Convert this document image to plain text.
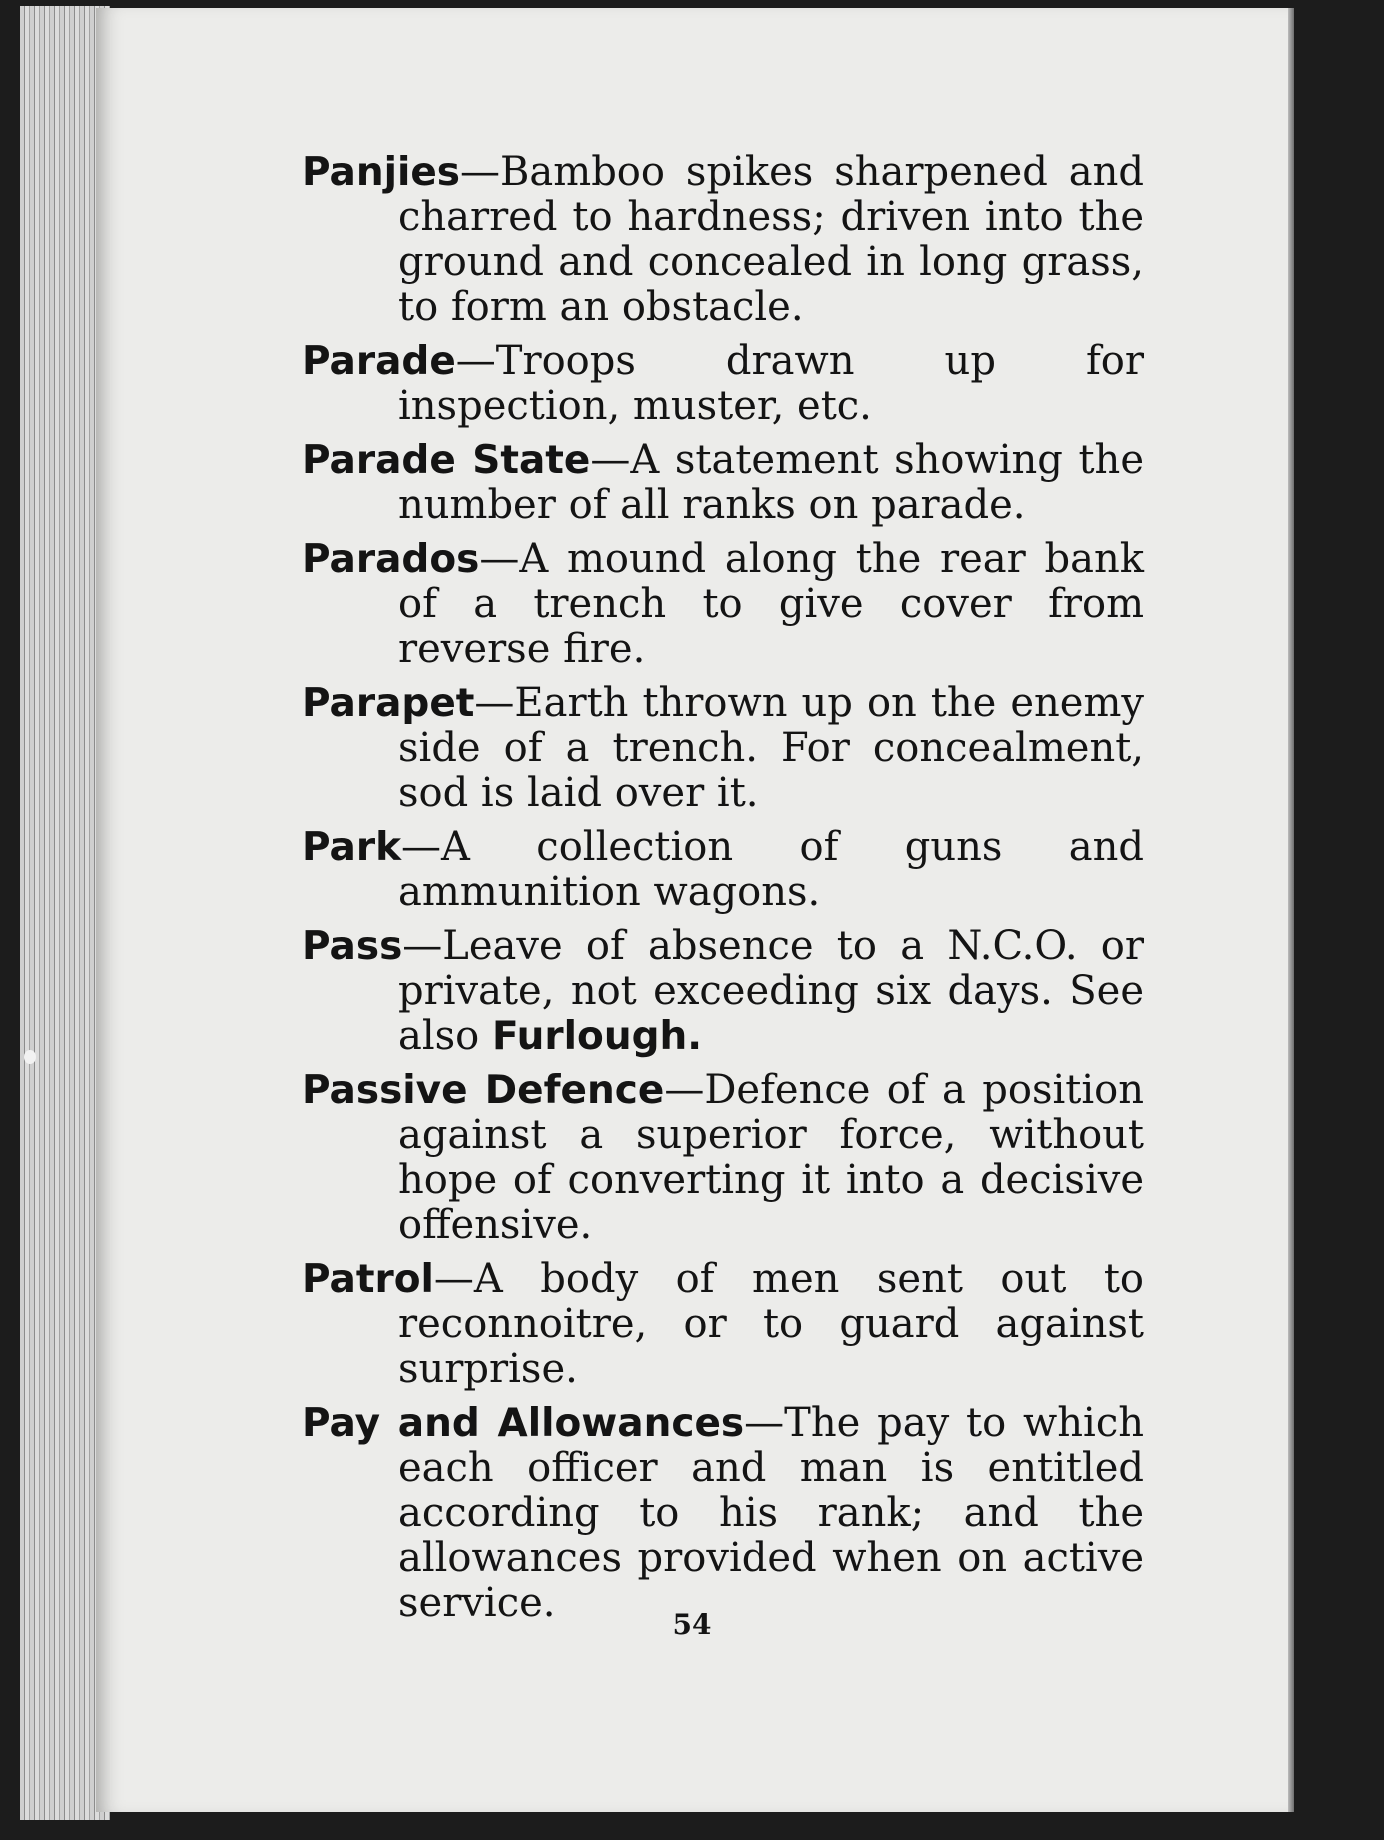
Panjies—Bamboo spikes sharpened and charred to hardness; driven into the ground and concealed in long grass, to form an obstacle.

Parade—Troops drawn up for inspection, muster, etc.

Parade State—A statement showing the number of all ranks on parade.

Parados—A mound along the rear bank of a trench to give cover from reverse fire.

Parapet—Earth thrown up on the enemy side of a trench. For concealment, sod is laid over it.

Park—A collection of guns and ammunition wagons.

Pass—Leave of absence to a N.C.O. or private, not exceeding six days. See also Furlough.

Passive Defence—Defence of a position against a superior force, without hope of converting it into a decisive offensive.

Patrol—A body of men sent out to reconnoitre, or to guard against surprise.

Pay and Allowances—The pay to which each officer and man is entitled according to his rank; and the allowances provided when on active service.	54
